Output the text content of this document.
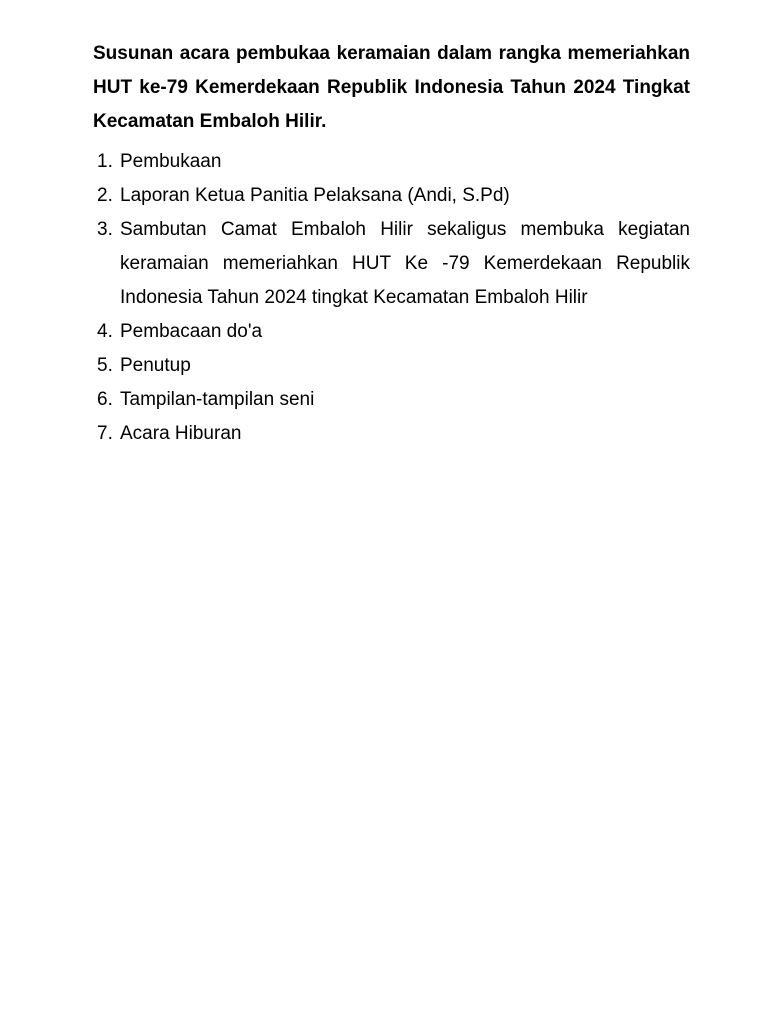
Susunan acara pembukaa keramaian dalam rangka memeriahkan HUT ke-79 Kemerdekaan Republik Indonesia Tahun 2024 Tingkat Kecamatan Embaloh Hilir.

1. Pembukaan
2. Laporan Ketua Panitia Pelaksana (Andi, S.Pd)
3. Sambutan Camat Embaloh Hilir sekaligus membuka kegiatan keramaian memeriahkan HUT Ke -79 Kemerdekaan Republik Indonesia Tahun 2024 tingkat Kecamatan Embaloh Hilir
4. Pembacaan do'a
5. Penutup
6. Tampilan-tampilan seni
7. Acara Hiburan
